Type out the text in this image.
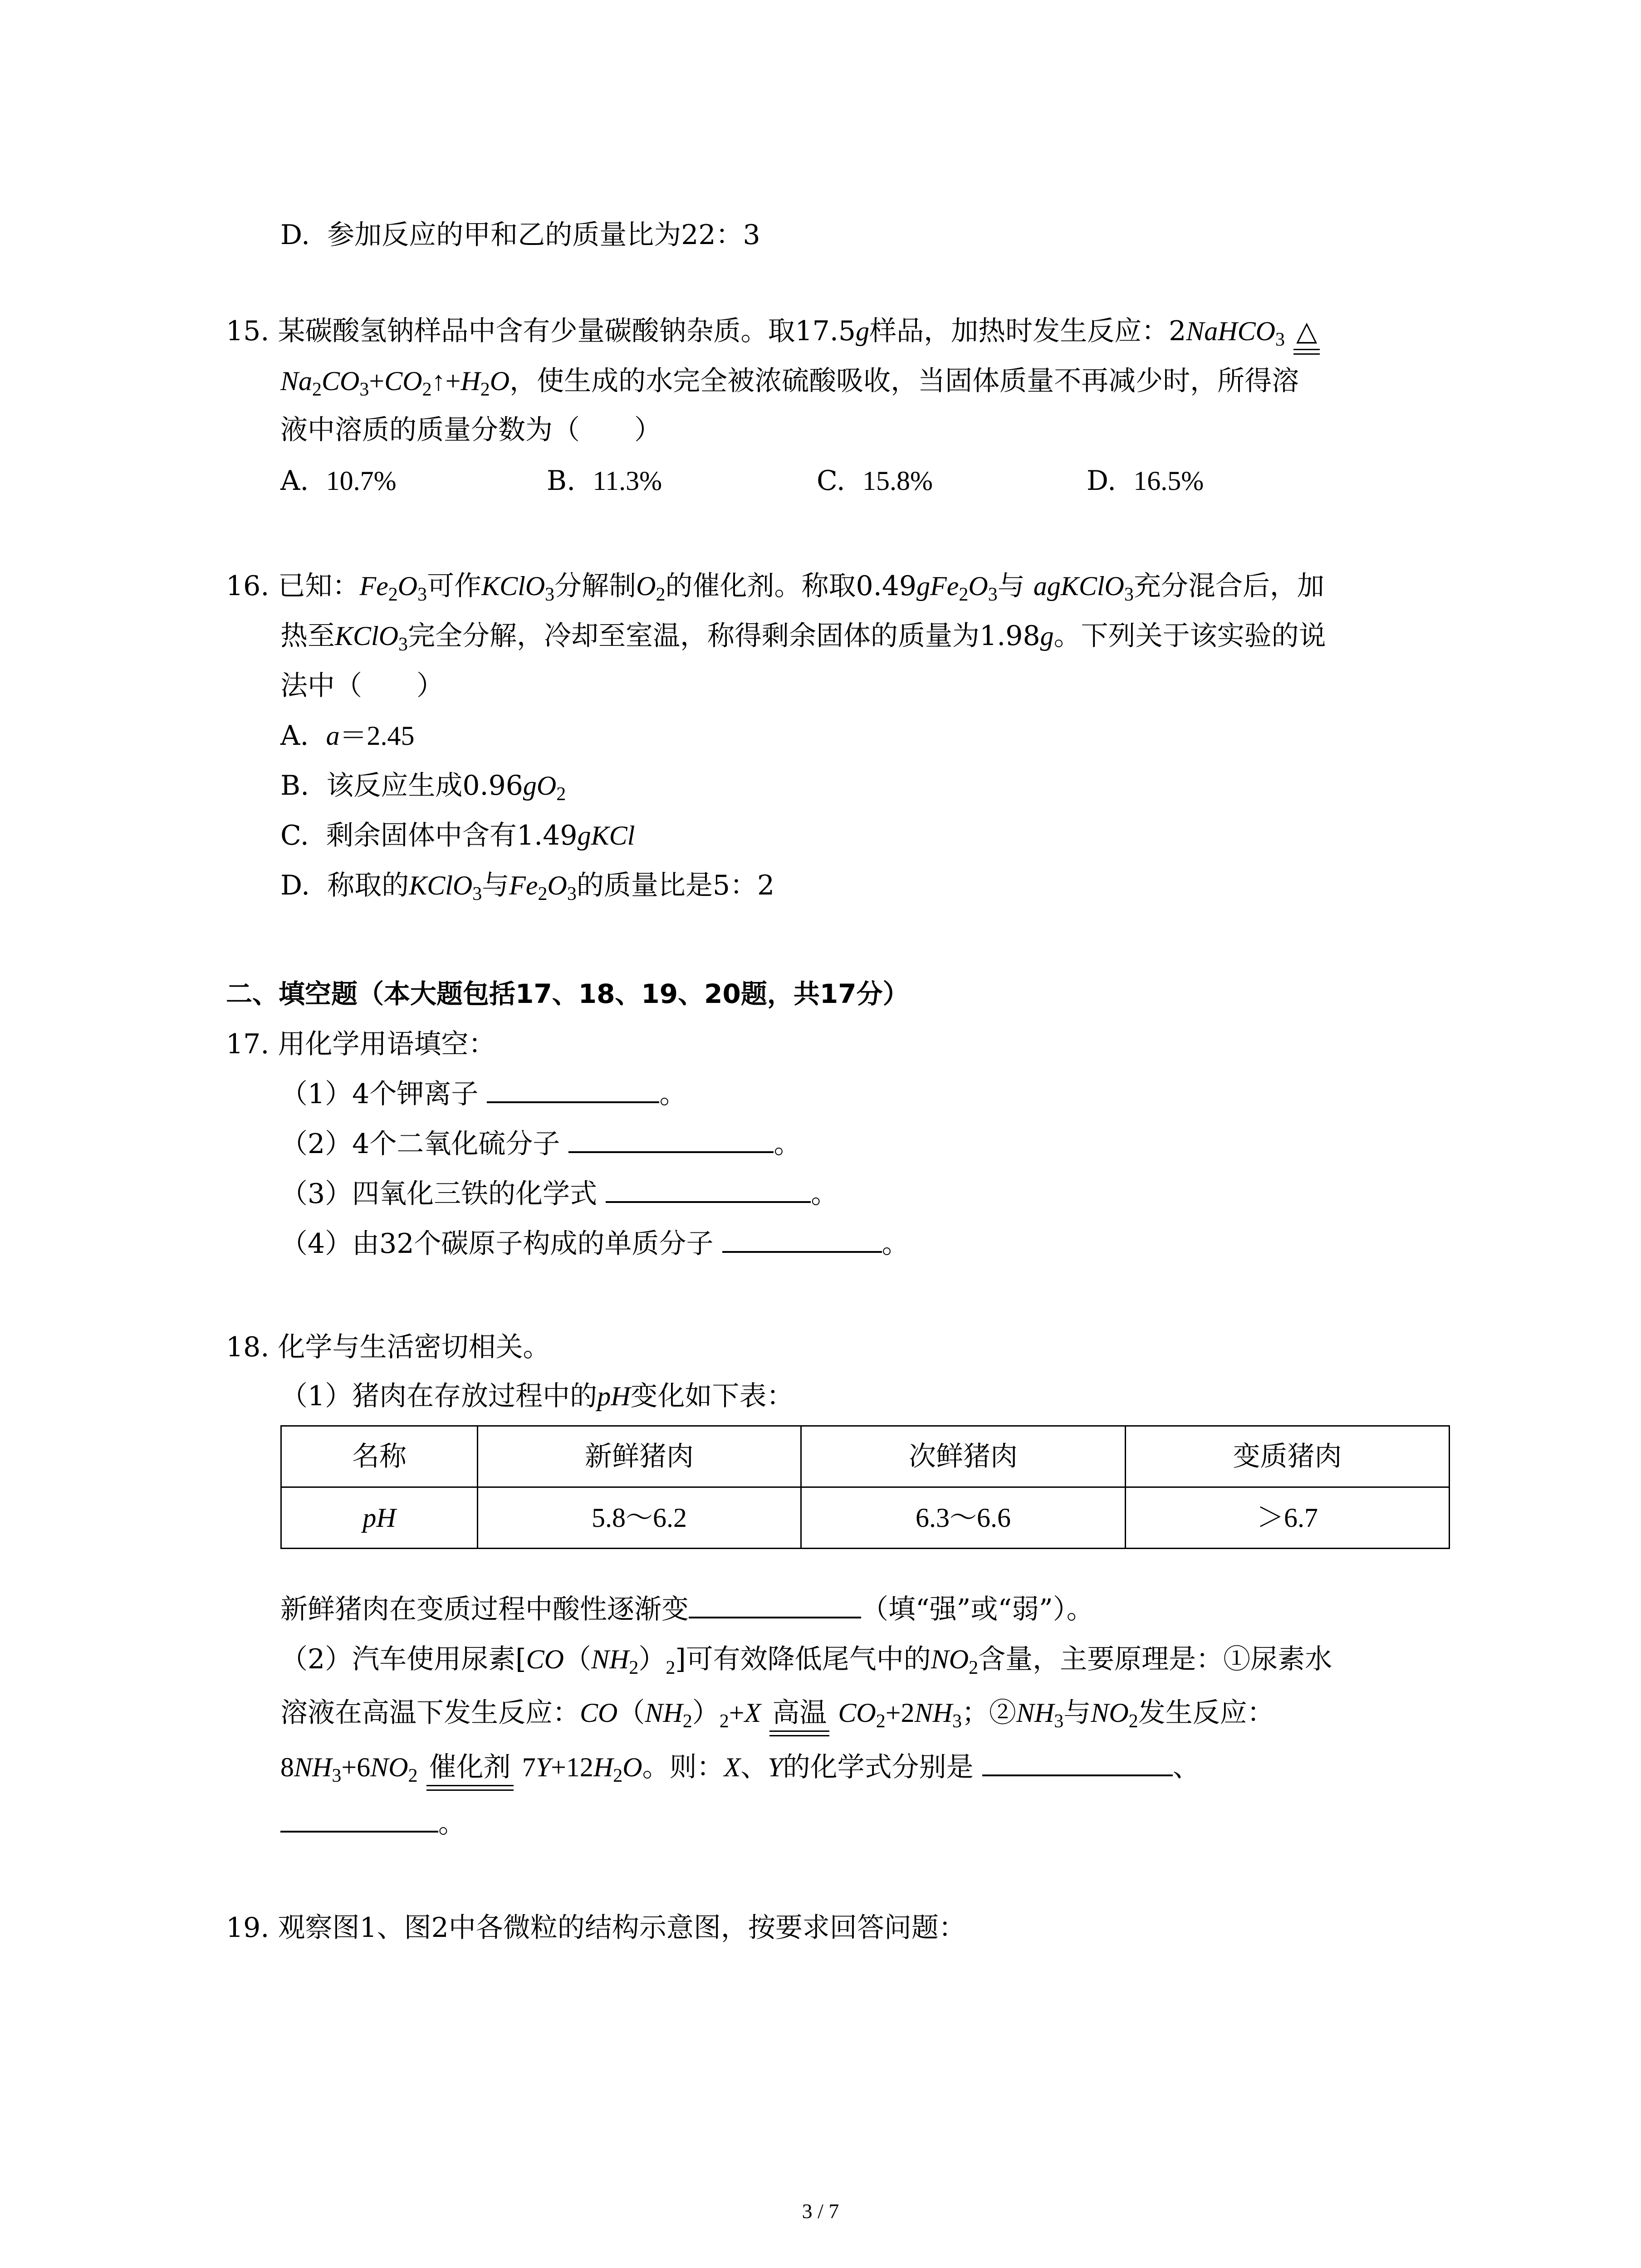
D. 参加反应的甲和乙的质量比为22：3
15. 某碳酸氢钠样品中含有少量碳酸钠杂质。取17.5g样品，加热时发生反应：2NaHCO$_3$ △
$Na_2CO_3+CO_2↑+H_2O$，使生成的水完全被浓硫酸吸收，当固体质量不再减少时，所得溶
液中溶质的质量分数为（　　）
A. 10.7%	B. 11.3%	C. 15.8%	D. 16.5%
16. 已知：$Fe_2O_3$可作KClO$_3$分解制$O_2$的催化剂。称取$0.49gFe_2O_3$与 agKClO$_3$充分混合后，加
热至KClO$_3$完全分解，冷却至室温，称得剩余固体的质量为1.98g。下列关于该实验的说
法中（　　）
A. a＝2.45
B. 该反应生成$0.96gO_2$
C. 剩余固体中含有1.49gKCl
D. 称取的KClO$_3$与$Fe_2O_3$的质量比是5：2
二、填空题（本大题包括17、18、19、20题，共17分）
17. 用化学用语填空：
（1）4个钾离子	。
（2）4个二氧化硫分子	。
（3）四氧化三铁的化学式	。
（4）由32个碳原子构成的单质分子	。
18. 化学与生活密切相关。
（1）猪肉在存放过程中的pH变化如下表：
名称	新鲜猪肉	次鲜猪肉	变质猪肉
pH	5.8～6.2	6.3～6.6	＞6.7
新鲜猪肉在变质过程中酸性逐渐变	（填“强”或“弱”）。
（2）汽车使用尿素$[CO(NH_2)_2]$可有效降低尾气中的$NO_2$含量，主要原理是：①尿素水
溶液在高温下发生反应：$CO(NH_2)_2+X$ 高温 $CO_2+2NH_3$；$②NH_3$与$NO_2$发生反应：
$8NH_3+6NO_2$ 催化剂 $7Y+12H_2O$。则：X、Y的化学式分别是	、
。
19. 观察图1、图2中各微粒的结构示意图，按要求回答问题：
3 / 7
